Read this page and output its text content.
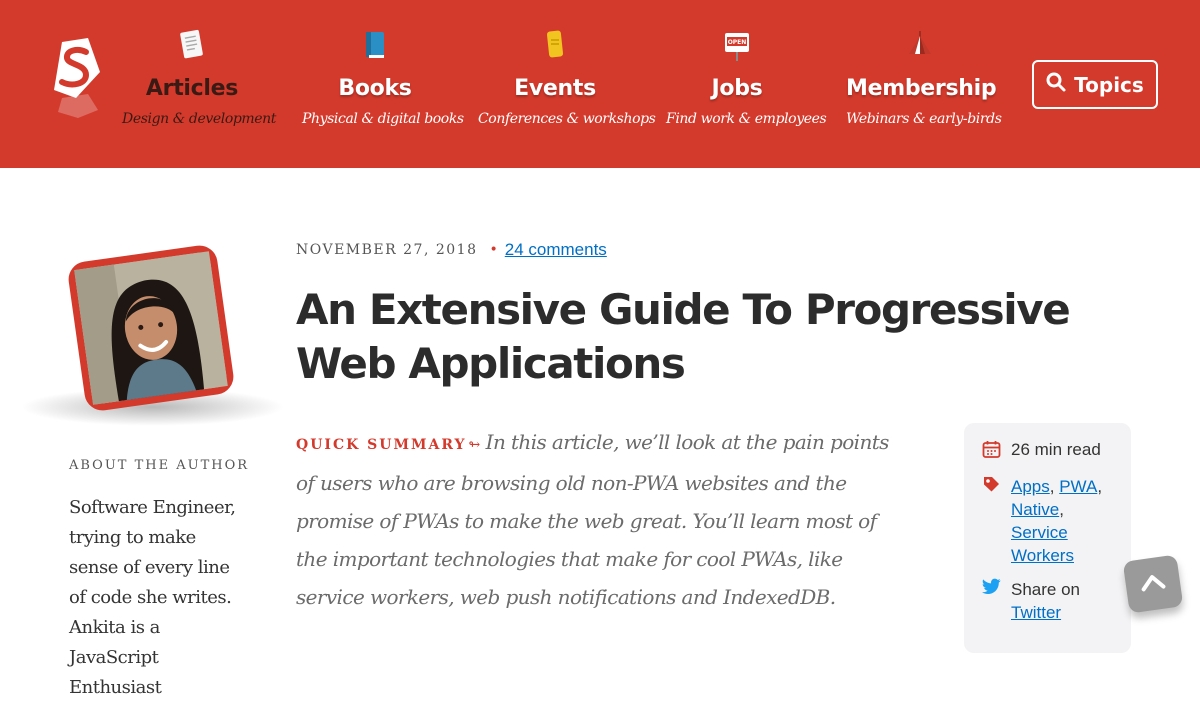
Articles
Design & development
Books
Physical & digital books
Events
Conferences & workshops
OPEN
Jobs
Find work & employees
Membership
Webinars & early-birds
Topics
ABOUT THE AUTHOR
Software Engineer, trying to make sense of every line of code she writes. Ankita is a JavaScript Enthusiast
NOVEMBER 27, 2018 • 24 comments
An Extensive Guide To Progressive Web Applications

QUICK SUMMARY ↬ In this article, we’ll look at the pain points of users who are browsing old non-PWA websites and the promise of PWAs to make the web great. You’ll learn most of the important technologies that make for cool PWAs, like service workers, web push notifications and IndexedDB.

26 min read
Apps, PWA, Native, Service Workers
Share on
Twitter
